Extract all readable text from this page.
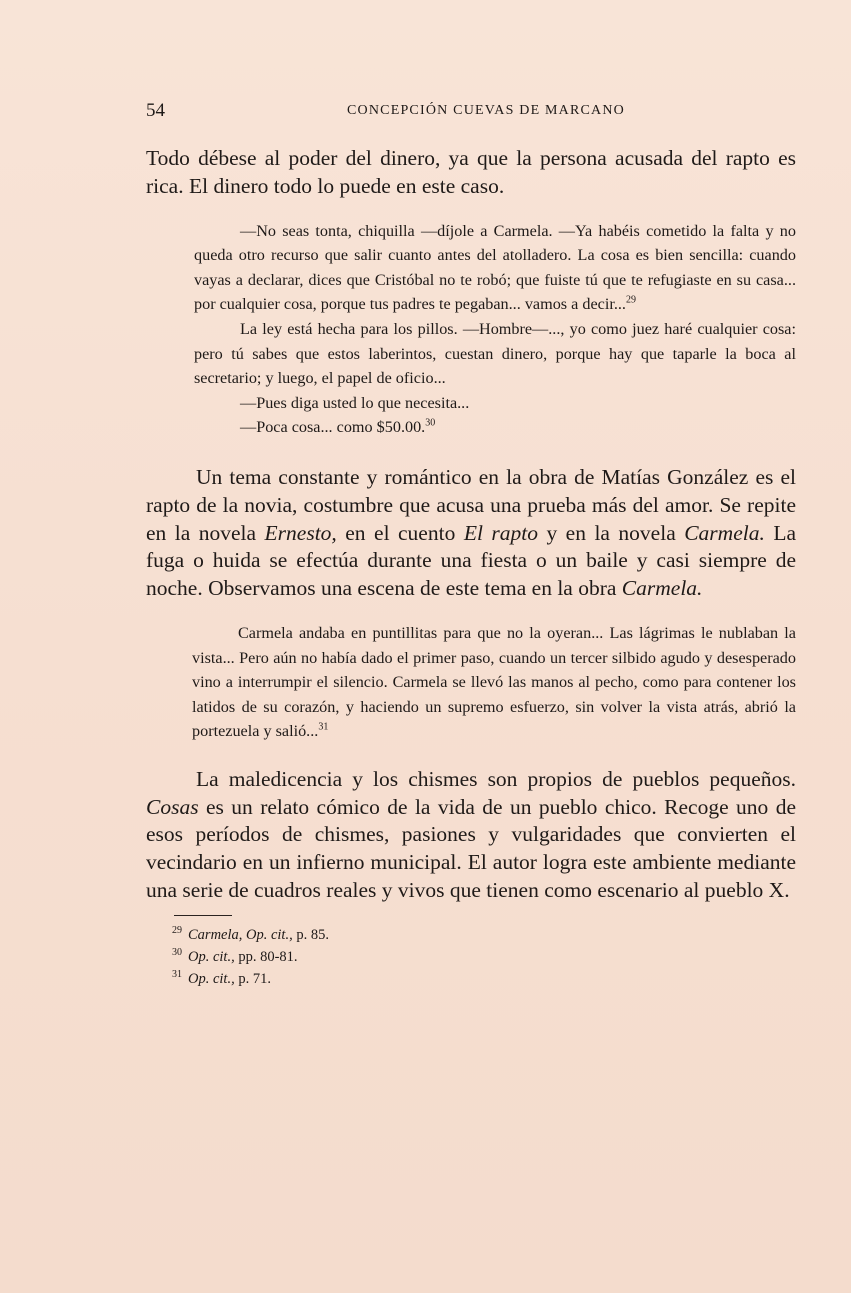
54	CONCEPCIÓN CUEVAS DE MARCANO

Todo débese al poder del dinero, ya que la persona acusada del rapto es rica. El dinero todo lo puede en este caso.

—No seas tonta, chiquilla —díjole a Carmela. —Ya habéis cometido la falta y no queda otro recurso que salir cuanto antes del atolladero. La cosa es bien sencilla: cuando vayas a declarar, dices que Cristóbal no te robó; que fuiste tú que te refugiaste en su casa... por cualquier cosa, porque tus padres te pegaban... vamos a decir...$^{29}$

La ley está hecha para los pillos. —Hombre—..., yo como juez haré cualquier cosa: pero tú sabes que estos laberintos, cuestan dinero, porque hay que taparle la boca al secretario; y luego, el papel de oficio...

—Pues diga usted lo que necesita...

—Poca cosa... como $50.00.30

Un tema constante y romántico en la obra de Matías González es el rapto de la novia, costumbre que acusa una prueba más del amor. Se repite en la novela Ernesto, en el cuento El rapto y en la novela Carmela. La fuga o huida se efectúa durante una fiesta o un baile y casi siempre de noche. Observamos una escena de este tema en la obra Carmela.

Carmela andaba en puntillitas para que no la oyeran... Las lágrimas le nublaban la vista... Pero aún no había dado el primer paso, cuando un tercer silbido agudo y desesperado vino a interrumpir el silencio. Carmela se llevó las manos al pecho, como para contener los latidos de su corazón, y haciendo un supremo esfuerzo, sin volver la vista atrás, abrió la portezuela y salió...$^{31}$

La maledicencia y los chismes son propios de pueblos pequeños. Cosas es un relato cómico de la vida de un pueblo chico. Recoge uno de esos períodos de chismes, pasiones y vulgaridades que convierten el vecindario en un infierno municipal. El autor logra este ambiente mediante una serie de cuadros reales y vivos que tienen como escenario al pueblo X.

$^{29}$ Carmela, Op. cit., p. 85.
$^{30}$ Op. cit., pp. 80-81.
$^{31}$ Op. cit., p. 71.
